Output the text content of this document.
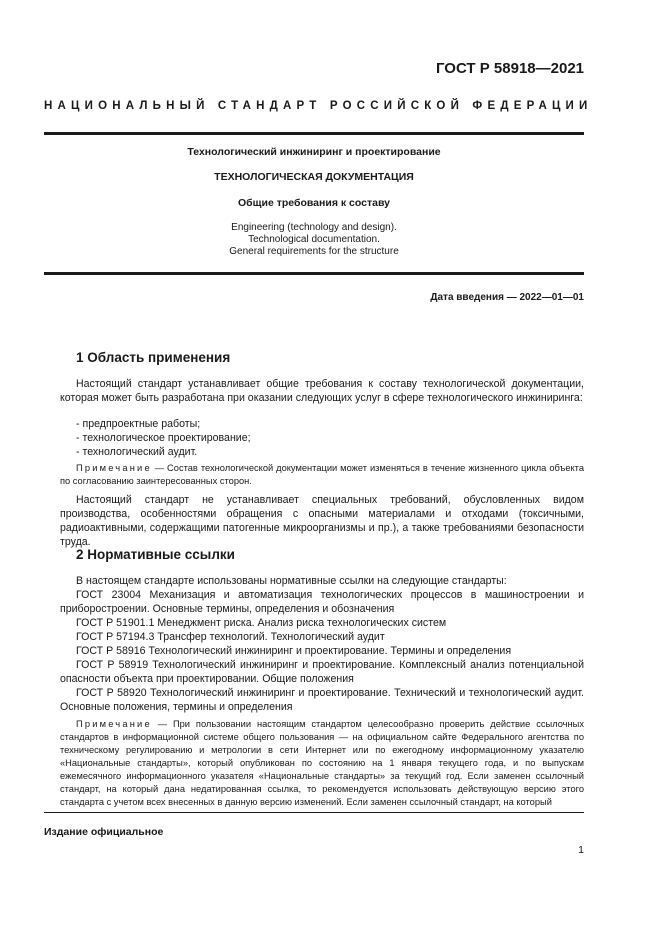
ГОСТ Р 58918—2021
НАЦИОНАЛЬНЫЙ СТАНДАРТ РОССИЙСКОЙ ФЕДЕРАЦИИ
Технологический инжиниринг и проектирование
ТЕХНОЛОГИЧЕСКАЯ ДОКУМЕНТАЦИЯ
Общие требования к составу
Engineering (technology and design).
Technological documentation.
General requirements for the structure
Дата введения — 2022—01—01
1 Область применения
Настоящий стандарт устанавливает общие требования к составу технологической документации, которая может быть разработана при оказании следующих услуг в сфере технологического инжиниринга:
- предпроектные работы;
- технологическое проектирование;
- технологический аудит.
Примечание — Состав технологической документации может изменяться в течение жизненного цикла объекта по согласованию заинтересованных сторон.
Настоящий стандарт не устанавливает специальных требований, обусловленных видом производства, особенностями обращения с опасными материалами и отходами (токсичными, радиоактивными, содержащими патогенные микроорганизмы и пр.), а также требованиями безопасности труда.
2 Нормативные ссылки
В настоящем стандарте использованы нормативные ссылки на следующие стандарты:
ГОСТ 23004 Механизация и автоматизация технологических процессов в машиностроении и приборостроении. Основные термины, определения и обозначения
ГОСТ Р 51901.1 Менеджмент риска. Анализ риска технологических систем
ГОСТ Р 57194.3 Трансфер технологий. Технологический аудит
ГОСТ Р 58916 Технологический инжиниринг и проектирование. Термины и определения
ГОСТ Р 58919 Технологический инжиниринг и проектирование. Комплексный анализ потенциальной опасности объекта при проектировании. Общие положения
ГОСТ Р 58920 Технологический инжиниринг и проектирование. Технический и технологический аудит. Основные положения, термины и определения
Примечание — При пользовании настоящим стандартом целесообразно проверить действие ссылочных стандартов в информационной системе общего пользования — на официальном сайте Федерального агентства по техническому регулированию и метрологии в сети Интернет или по ежегодному информационному указателю «Национальные стандарты», который опубликован по состоянию на 1 января текущего года, и по выпускам ежемесячного информационного указателя «Национальные стандарты» за текущий год. Если заменен ссылочный стандарт, на который дана недатированная ссылка, то рекомендуется использовать действующую версию этого стандарта с учетом всех внесенных в данную версию изменений. Если заменен ссылочный стандарт, на который
Издание официальное
1
